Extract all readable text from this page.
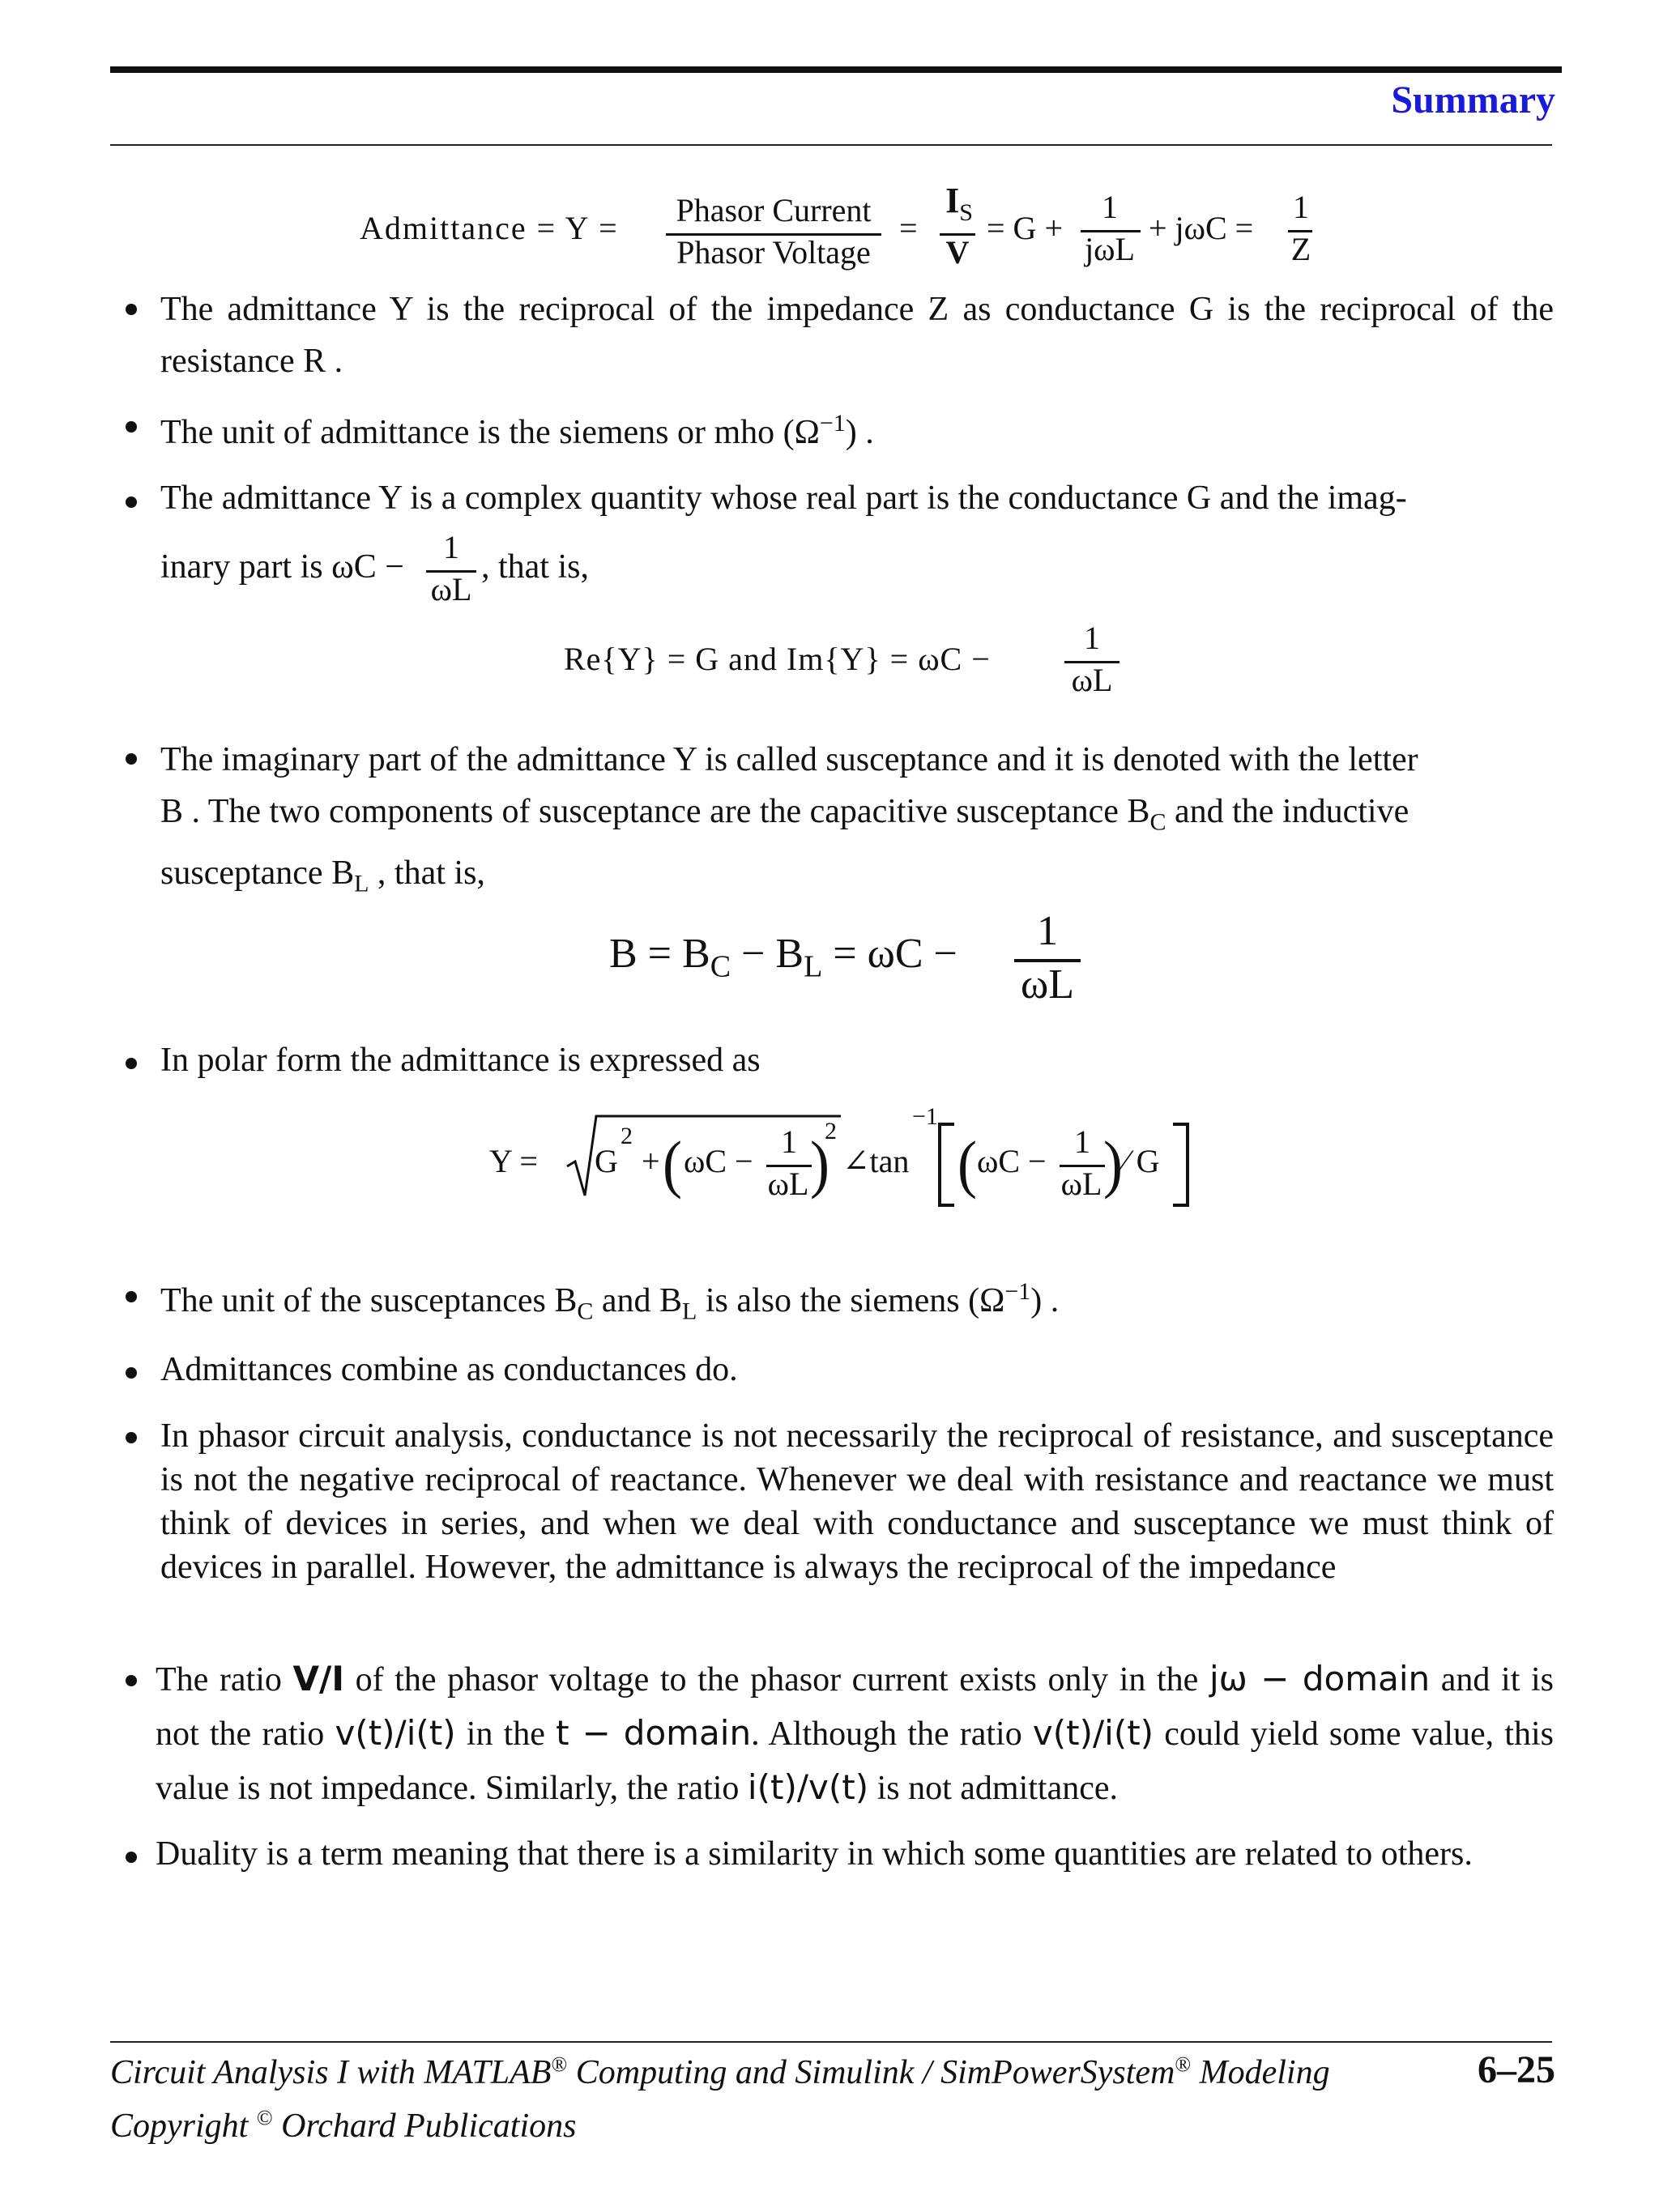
Summary
Admittance = Y =	Phasor Current
Phasor Voltage
=
$I_S$
V
= G +
1
jωL
+ jωC =
1
Z
The admittance Y is the reciprocal of the impedance Z as conductance G is the reciprocal of the resistance R .
The unit of admittance is the siemens or mho $(\Omega^{-1})$ .
The admittance Y is a complex quantity whose real part is the conductance G and the imag-
inary part is ωC −
1
ωL
, that is,
Re{Y} = G and Im{Y} = ωC −
1
ωL
The imaginary part of the admittance Y is called susceptance and it is denoted with the letter
B . The two components of susceptance are the capacitive susceptance $B_C$ and the inductive
susceptance $B_L$ , that is,
$B = B_C - B_L = \omega C$ −	1
ωL
In polar form the admittance is expressed as
Y = G
2
+ ( ωC −
1
ωL )
2
∠tan
−1
( ωC −
1
ωL ) ⁄ G
The unit of the susceptances $B_C$ and $B_L$ is also the siemens $(\Omega^{-1})$ .
Admittances combine as conductances do.
In phasor circuit analysis, conductance is not necessarily the reciprocal of resistance, and susceptance is not the negative reciprocal of reactance. Whenever we deal with resistance and reactance we must think of devices in series, and when we deal with conductance and susceptance we must think of devices in parallel. However, the admittance is always the reciprocal of the impedance
The ratio V/I of the phasor voltage to the phasor current exists only in the jω − domain and it is not the ratio v(t)/i(t) in the t − domain. Although the ratio v(t)/i(t) could yield some value, this value is not impedance. Similarly, the ratio i(t)/v(t) is not admittance.
Duality is a term meaning that there is a similarity in which some quantities are related to others.
Circuit Analysis I with MATLAB® Computing and Simulink / SimPowerSystem® Modeling
Copyright © Orchard Publications
6–25
